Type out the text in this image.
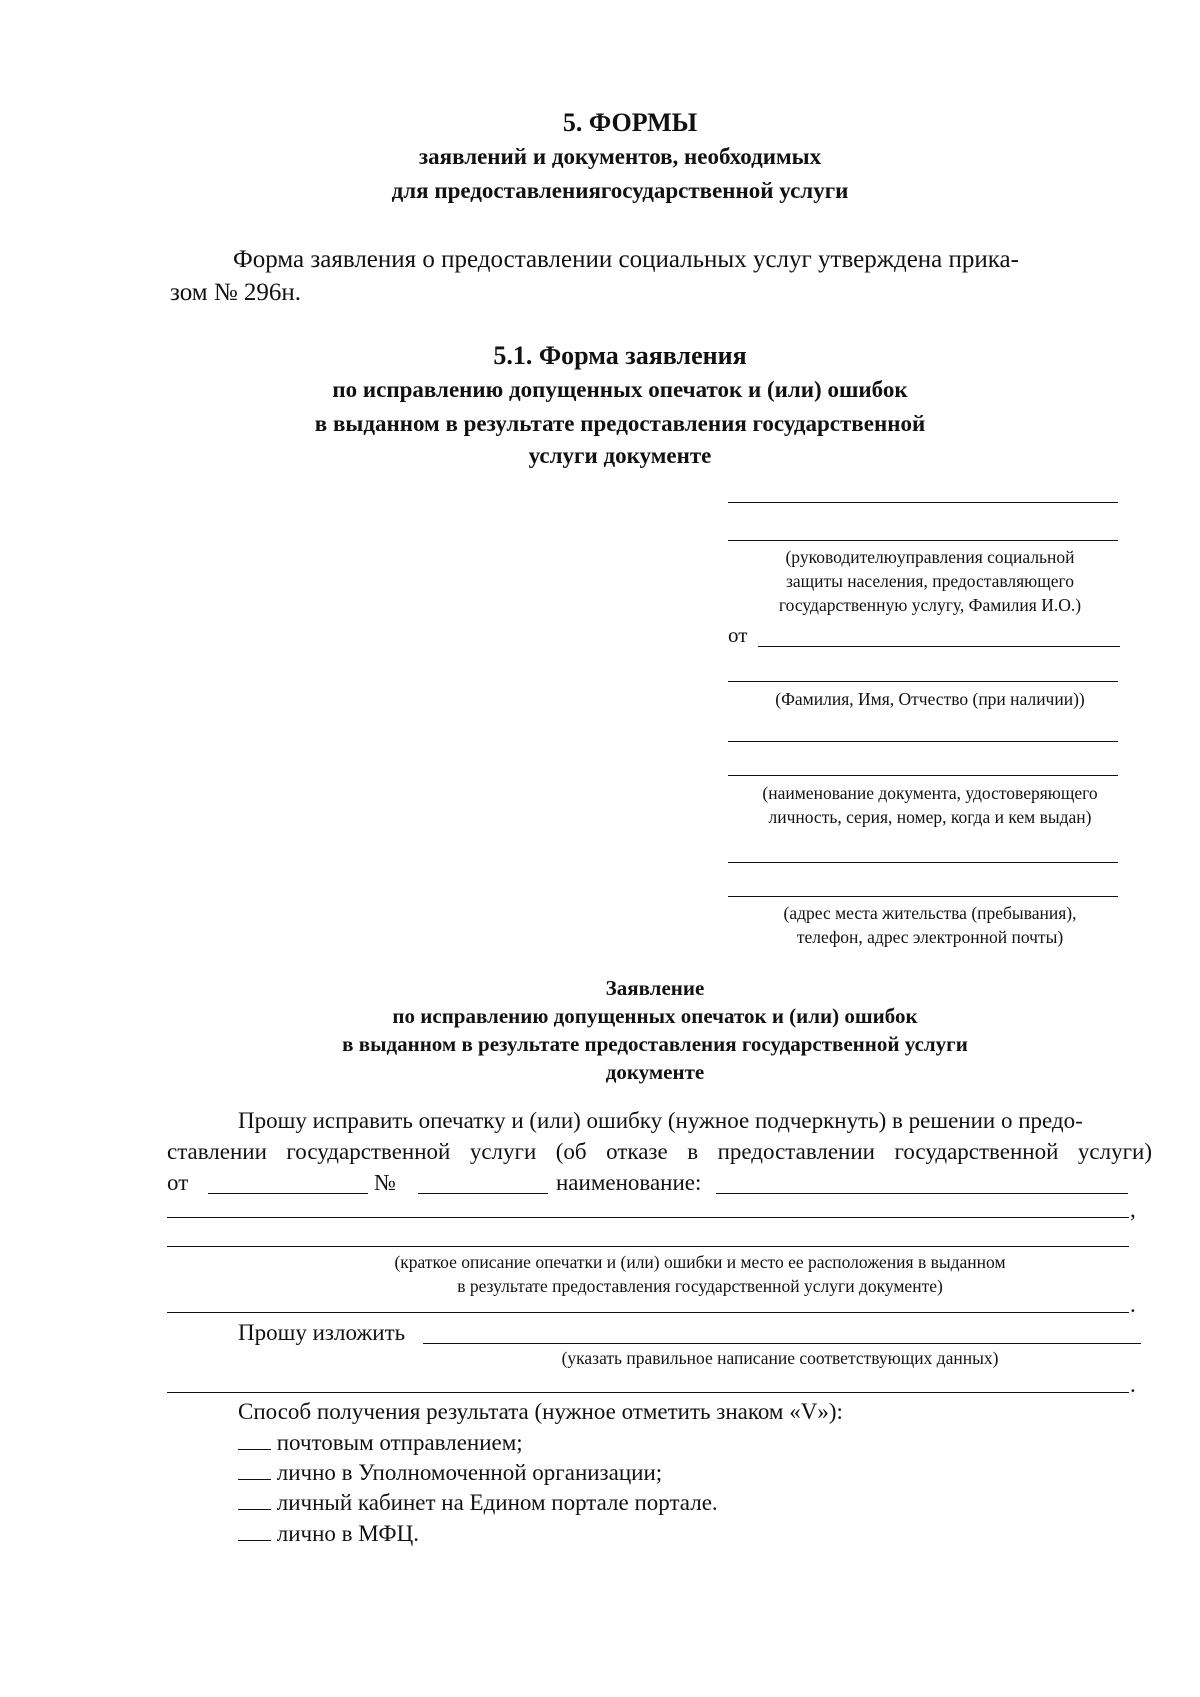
5. ФОРМЫ
заявлений и документов, необходимых
для предоставлениягосударственной услуги
Форма заявления о предоставлении социальных услуг утверждена прика-
зом № 296н.
5.1. Форма заявления
по исправлению допущенных опечаток и (или) ошибок
в выданном в результате предоставления государственной
услуги документе
(руководителюуправления социальной
защиты населения, предоставляющего
государственную услугу, Фамилия И.О.)
от
(Фамилия, Имя, Отчество (при наличии))
(наименование документа, удостоверяющего
личность, серия, номер, когда и кем выдан)
(адрес места жительства (пребывания),
телефон, адрес электронной почты)
Заявление
по исправлению допущенных опечаток и (или) ошибок
в выданном в результате предоставления государственной услуги
документе
Прошу исправить опечатку и (или) ошибку (нужное подчеркнуть) в решении о предо-
ставлении государственной услуги (об отказе в предоставлении государственной услуги)
от	№	наименование:
,
(краткое описание опечатки и (или) ошибки и место ее расположения в выданном
в результате предоставления государственной услуги документе)
.
Прошу изложить
(указать правильное написание соответствующих данных)
.
Способ получения результата (нужное отметить знаком «V»):
почтовым отправлением;
лично в Уполномоченной организации;
личный кабинет на Едином портале портале.
лично в МФЦ.
